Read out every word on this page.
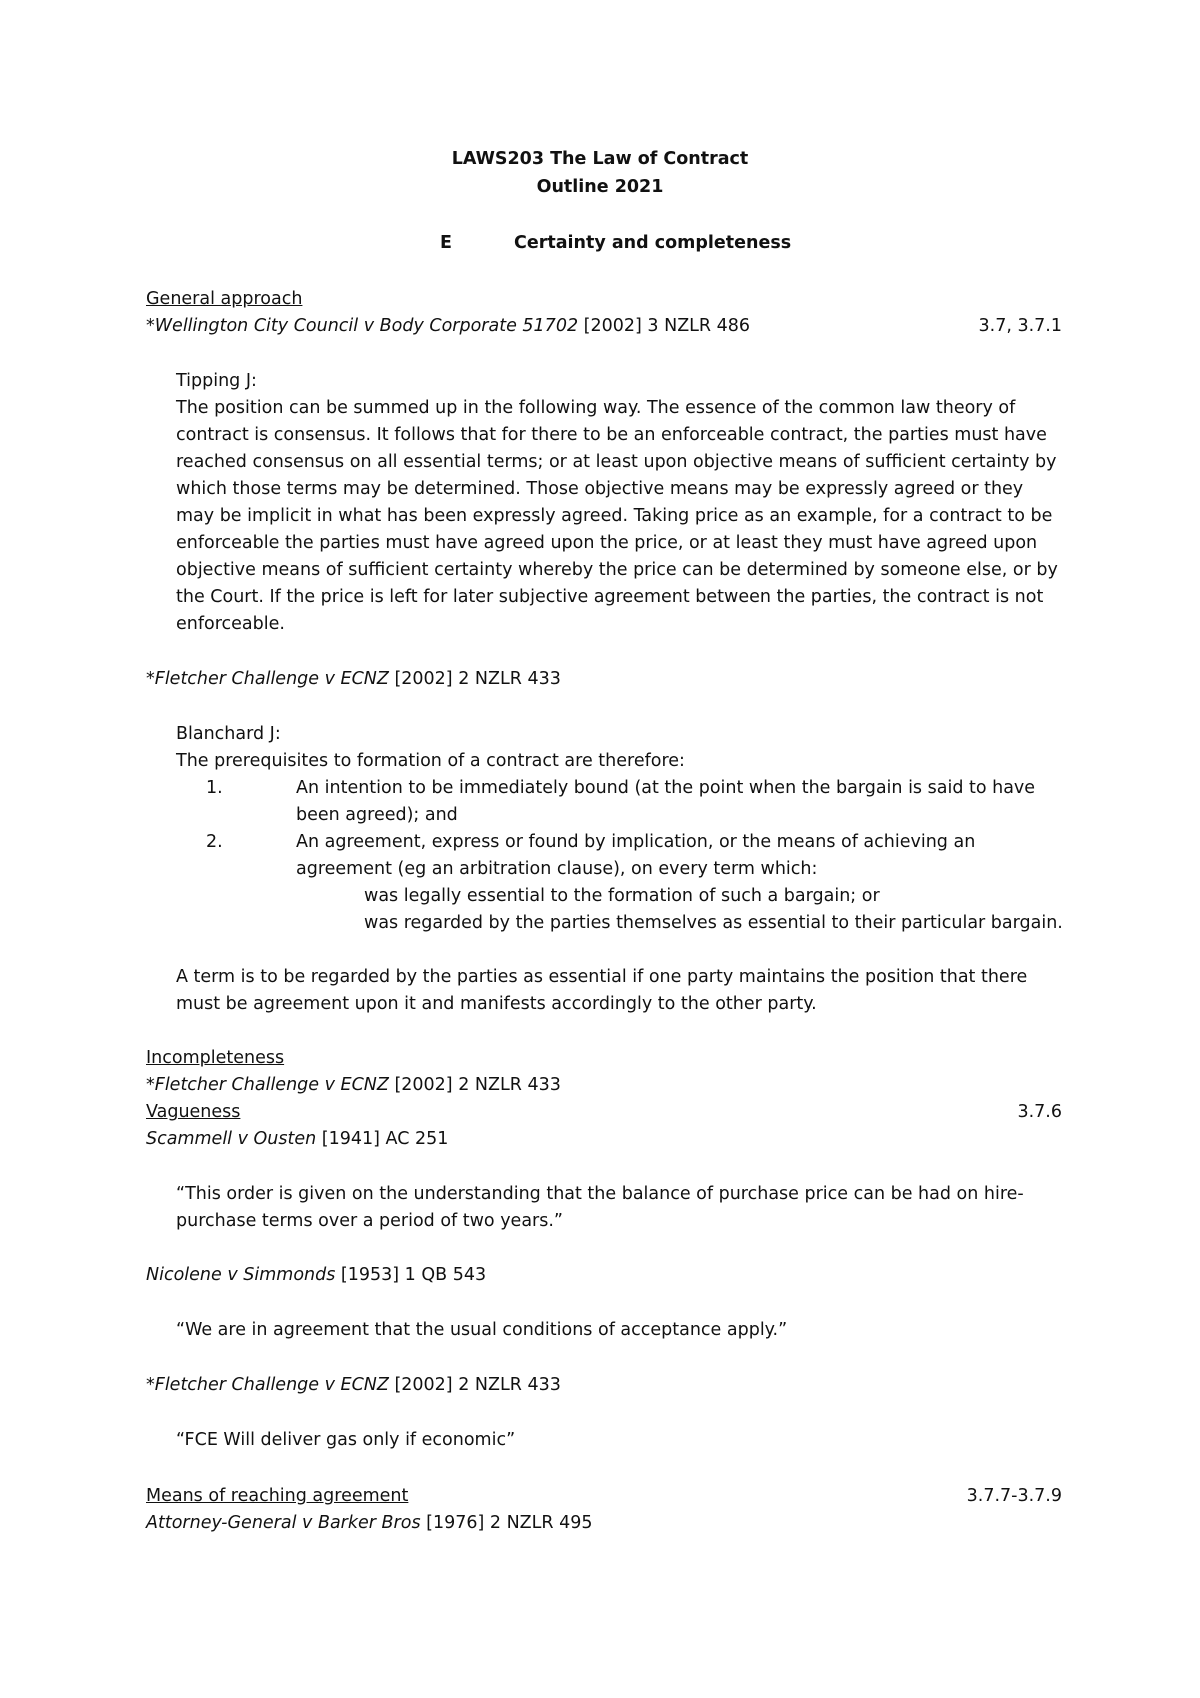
LAWS203 The Law of Contract
Outline 2021
E	Certainty and completeness
General approach
*Wellington City Council v Body Corporate 51702 [2002] 3 NZLR 486	3.7, 3.7.1
Tipping J:
The position can be summed up in the following way. The essence of the common law theory of contract is consensus. It follows that for there to be an enforceable contract, the parties must have reached consensus on all essential terms; or at least upon objective means of sufficient certainty by which those terms may be determined. Those objective means may be expressly agreed or they may be implicit in what has been expressly agreed. Taking price as an example, for a contract to be enforceable the parties must have agreed upon the price, or at least they must have agreed upon objective means of sufficient certainty whereby the price can be determined by someone else, or by the Court. If the price is left for later subjective agreement between the parties, the contract is not enforceable.
*Fletcher Challenge v ECNZ [2002] 2 NZLR 433
Blanchard J:
The prerequisites to formation of a contract are therefore:
1.	An intention to be immediately bound (at the point when the bargain is said to have been agreed); and
2.	An agreement, express or found by implication, or the means of achieving an agreement (eg an arbitration clause), on every term which:
was legally essential to the formation of such a bargain; or
was regarded by the parties themselves as essential to their particular bargain.
A term is to be regarded by the parties as essential if one party maintains the position that there must be agreement upon it and manifests accordingly to the other party.
Incompleteness
*Fletcher Challenge v ECNZ [2002] 2 NZLR 433
Vagueness	3.7.6
Scammell v Ousten [1941] AC 251
“This order is given on the understanding that the balance of purchase price can be had on hire-purchase terms over a period of two years.”
Nicolene v Simmonds [1953] 1 QB 543
“We are in agreement that the usual conditions of acceptance apply.”
*Fletcher Challenge v ECNZ [2002] 2 NZLR 433
“FCE Will deliver gas only if economic”
Means of reaching agreement	3.7.7-3.7.9
Attorney-General v Barker Bros [1976] 2 NZLR 495
